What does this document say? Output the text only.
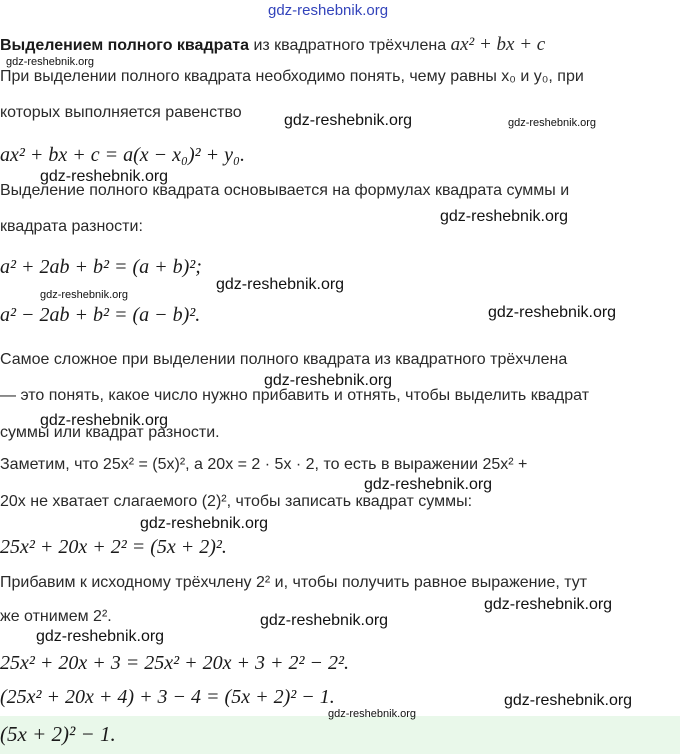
gdz-reshebnik.org
Выделением полного квадрата из квадратного трёхчлена ax² + bx + c
gdz-reshebnik.org
При выделении полного квадрата необходимо понять, чему равны x₀ и y₀, при
которых выполняется равенство	gdz-reshebnik.org	gdz-reshebnik.org
ax² + bx + c = a(x − x₀)² + y₀.
gdz-reshebnik.org
Выделение полного квадрата основывается на формулах квадрата суммы и
gdz-reshebnik.org
квадрата разности:
a² + 2ab + b² = (a + b)²;
gdz-reshebnik.org
gdz-reshebnik.org
a² − 2ab + b² = (a − b)².	gdz-reshebnik.org
Самое сложное при выделении полного квадрата из квадратного трёхчлена
gdz-reshebnik.org
— это понять, какое число нужно прибавить и отнять, чтобы выделить квадрат
gdz-reshebnik.org
суммы или квадрат разности.
Заметим, что 25x² = (5x)², а 20x = 2 · 5x · 2, то есть в выражении 25x² +
gdz-reshebnik.org
20x не хватает слагаемого (2)², чтобы записать квадрат суммы:
gdz-reshebnik.org
25x² + 20x + 2² = (5x + 2)².
Прибавим к исходному трёхчлену 2² и, чтобы получить равное выражение, тут
gdz-reshebnik.org
же отнимем 2².	gdz-reshebnik.org
gdz-reshebnik.org
25x² + 20x + 3 = 25x² + 20x + 3 + 2² − 2².
(25x² + 20x + 4) + 3 − 4 = (5x + 2)² − 1.	gdz-reshebnik.org
gdz-reshebnik.org
(5x + 2)² − 1.
